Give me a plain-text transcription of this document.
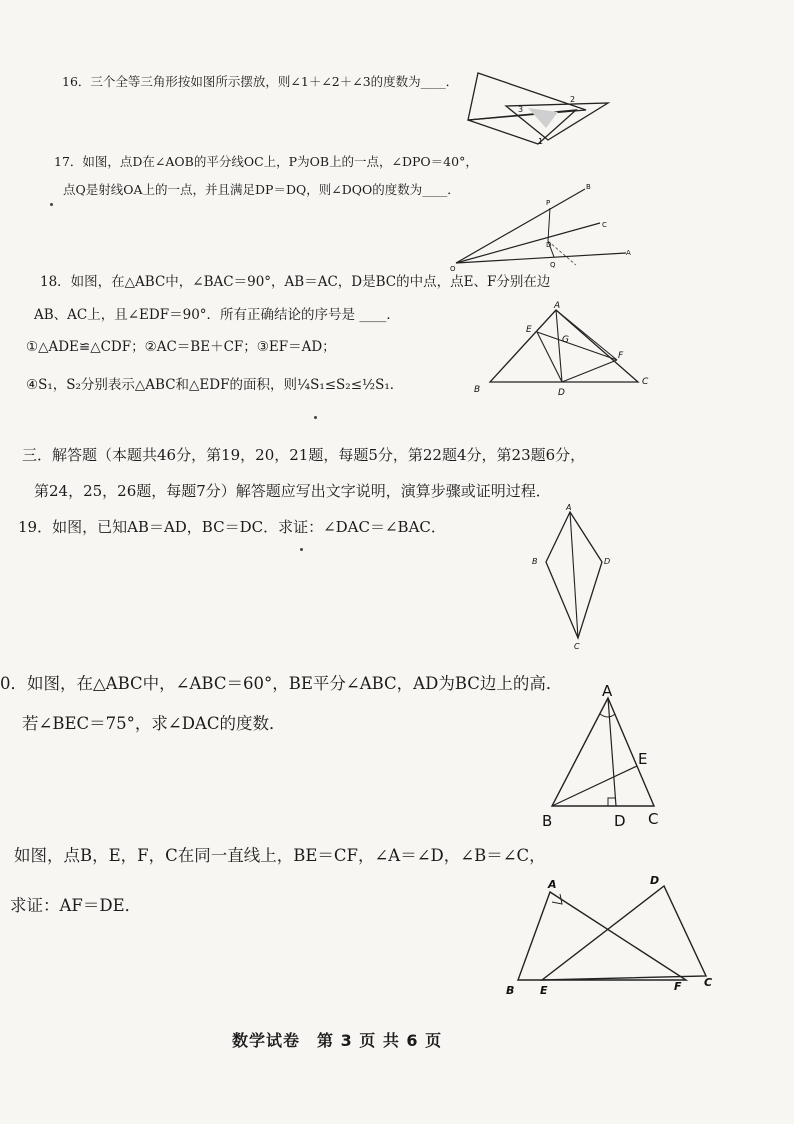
16．三个全等三角形按如图所示摆放，则∠1＋∠2＋∠3的度数为____．
2
3
1
17．如图，点D在∠AOB的平分线OC上，P为OB上的一点，∠DPO＝40°，
点Q是射线OA上的一点，并且满足DP＝DQ，则∠DQO的度数为____．	B
P
C
D
O	Q
A
18．如图，在△ABC中，∠BAC＝90°，AB＝AC，D是BC的中点，点E、F分别在边
AB、AC上，且∠EDF＝90°．所有正确结论的序号是 ____．
①△ADE≌△CDF；②AC＝BE＋CF；③EF＝AD；
④S₁，S₂分别表示△ABC和△EDF的面积，则¼S₁≤S₂≤½S₁．
A
E
G
F
B	D
C
三．解答题（本题共46分，第19，20，21题，每题5分，第22题4分，第23题6分，
第24，25，26题，每题7分）解答题应写出文字说明，演算步骤或证明过程．
19．如图，已知AB＝AD，BC＝DC．求证：∠DAC＝∠BAC．
A
B	D
C
0．如图，在△ABC中，∠ABC＝60°，BE平分∠ABC，AD为BC边上的高．
若∠BEC＝75°，求∠DAC的度数．
A
E
B	D C
如图，点B，E，F，C在同一直线上，BE＝CF，∠A＝∠D，∠B＝∠C，
求证：AF＝DE．
A	D
B E	F C
数学试卷　第 3 页 共 6 页
